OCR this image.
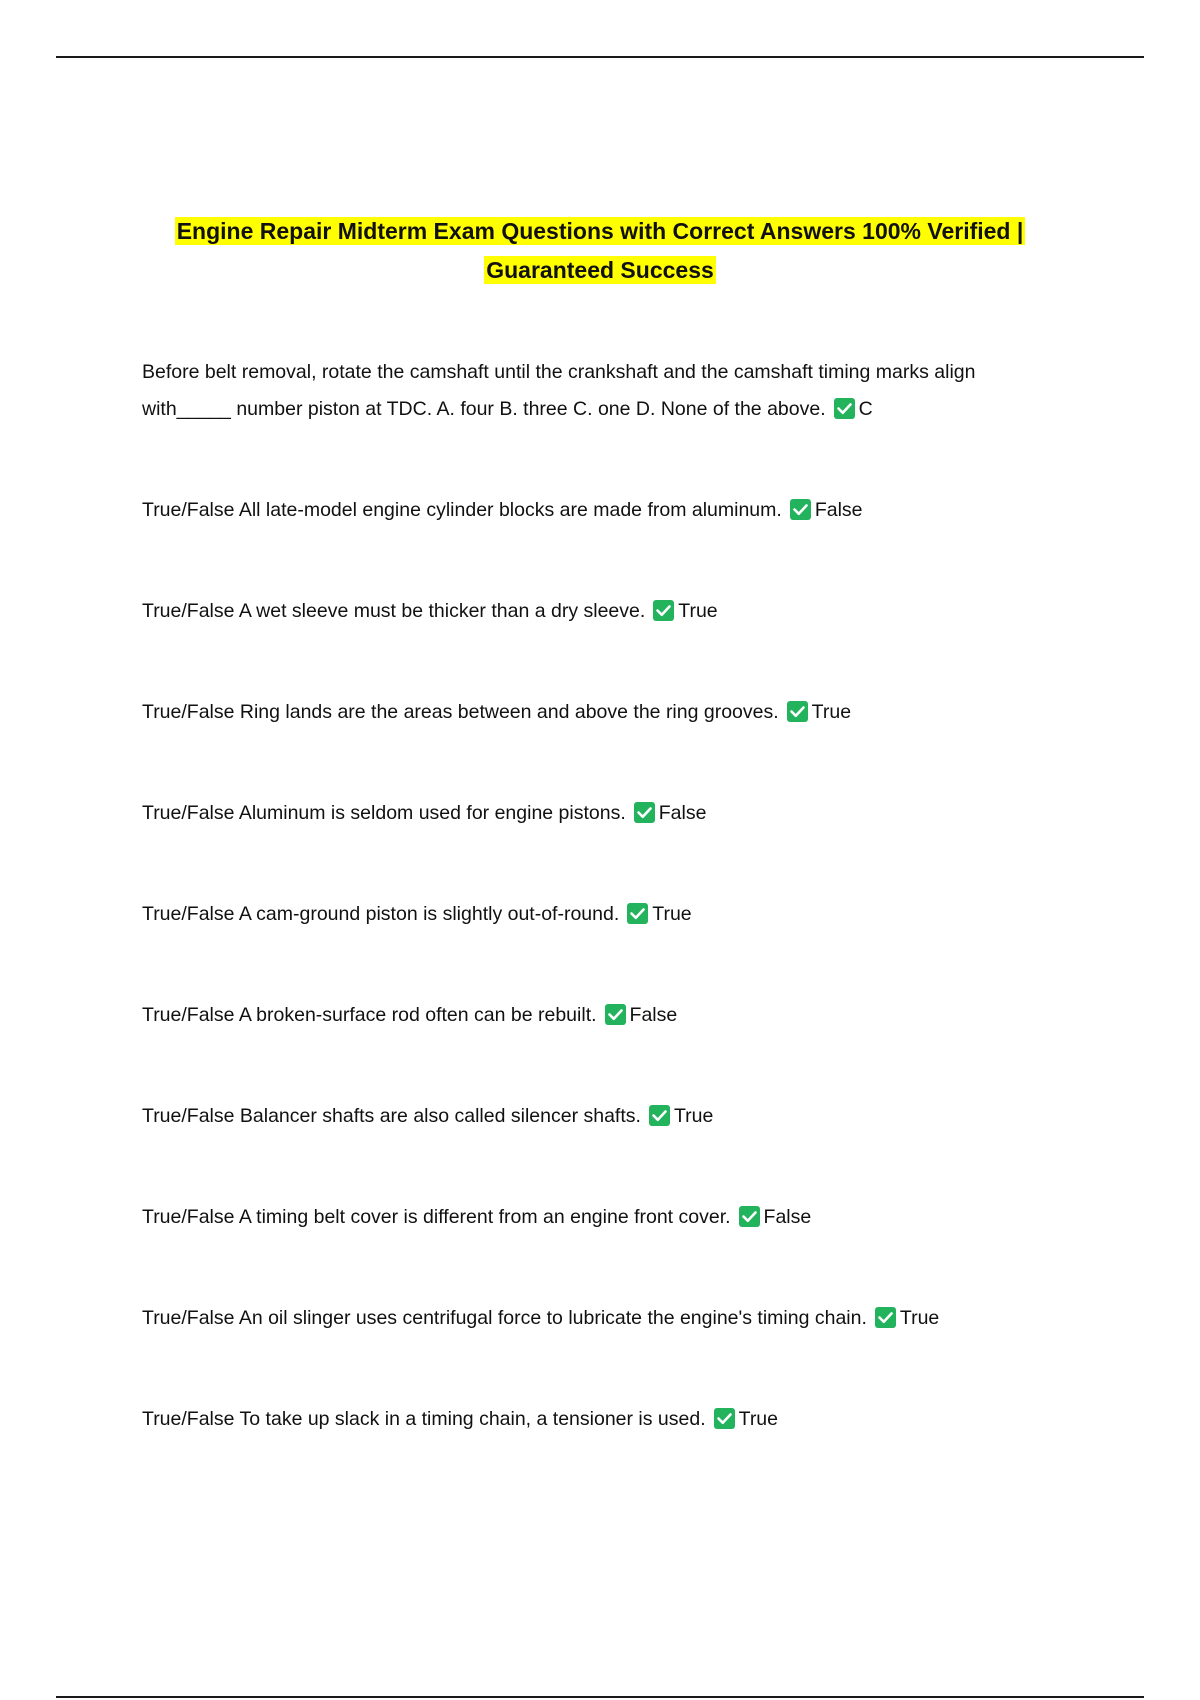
Engine Repair Midterm Exam Questions with Correct Answers 100% Verified |
Guaranteed Success
Before belt removal, rotate the camshaft until the crankshaft and the camshaft timing marks align with_____ number piston at TDC. A. four B. three C. one D. None of the above. C
True/False All late-model engine cylinder blocks are made from aluminum. False
True/False A wet sleeve must be thicker than a dry sleeve. True
True/False Ring lands are the areas between and above the ring grooves. True
True/False Aluminum is seldom used for engine pistons. False
True/False A cam-ground piston is slightly out-of-round. True
True/False A broken-surface rod often can be rebuilt. False
True/False Balancer shafts are also called silencer shafts. True
True/False A timing belt cover is different from an engine front cover. False
True/False An oil slinger uses centrifugal force to lubricate the engine's timing chain. True
True/False To take up slack in a timing chain, a tensioner is used. True
